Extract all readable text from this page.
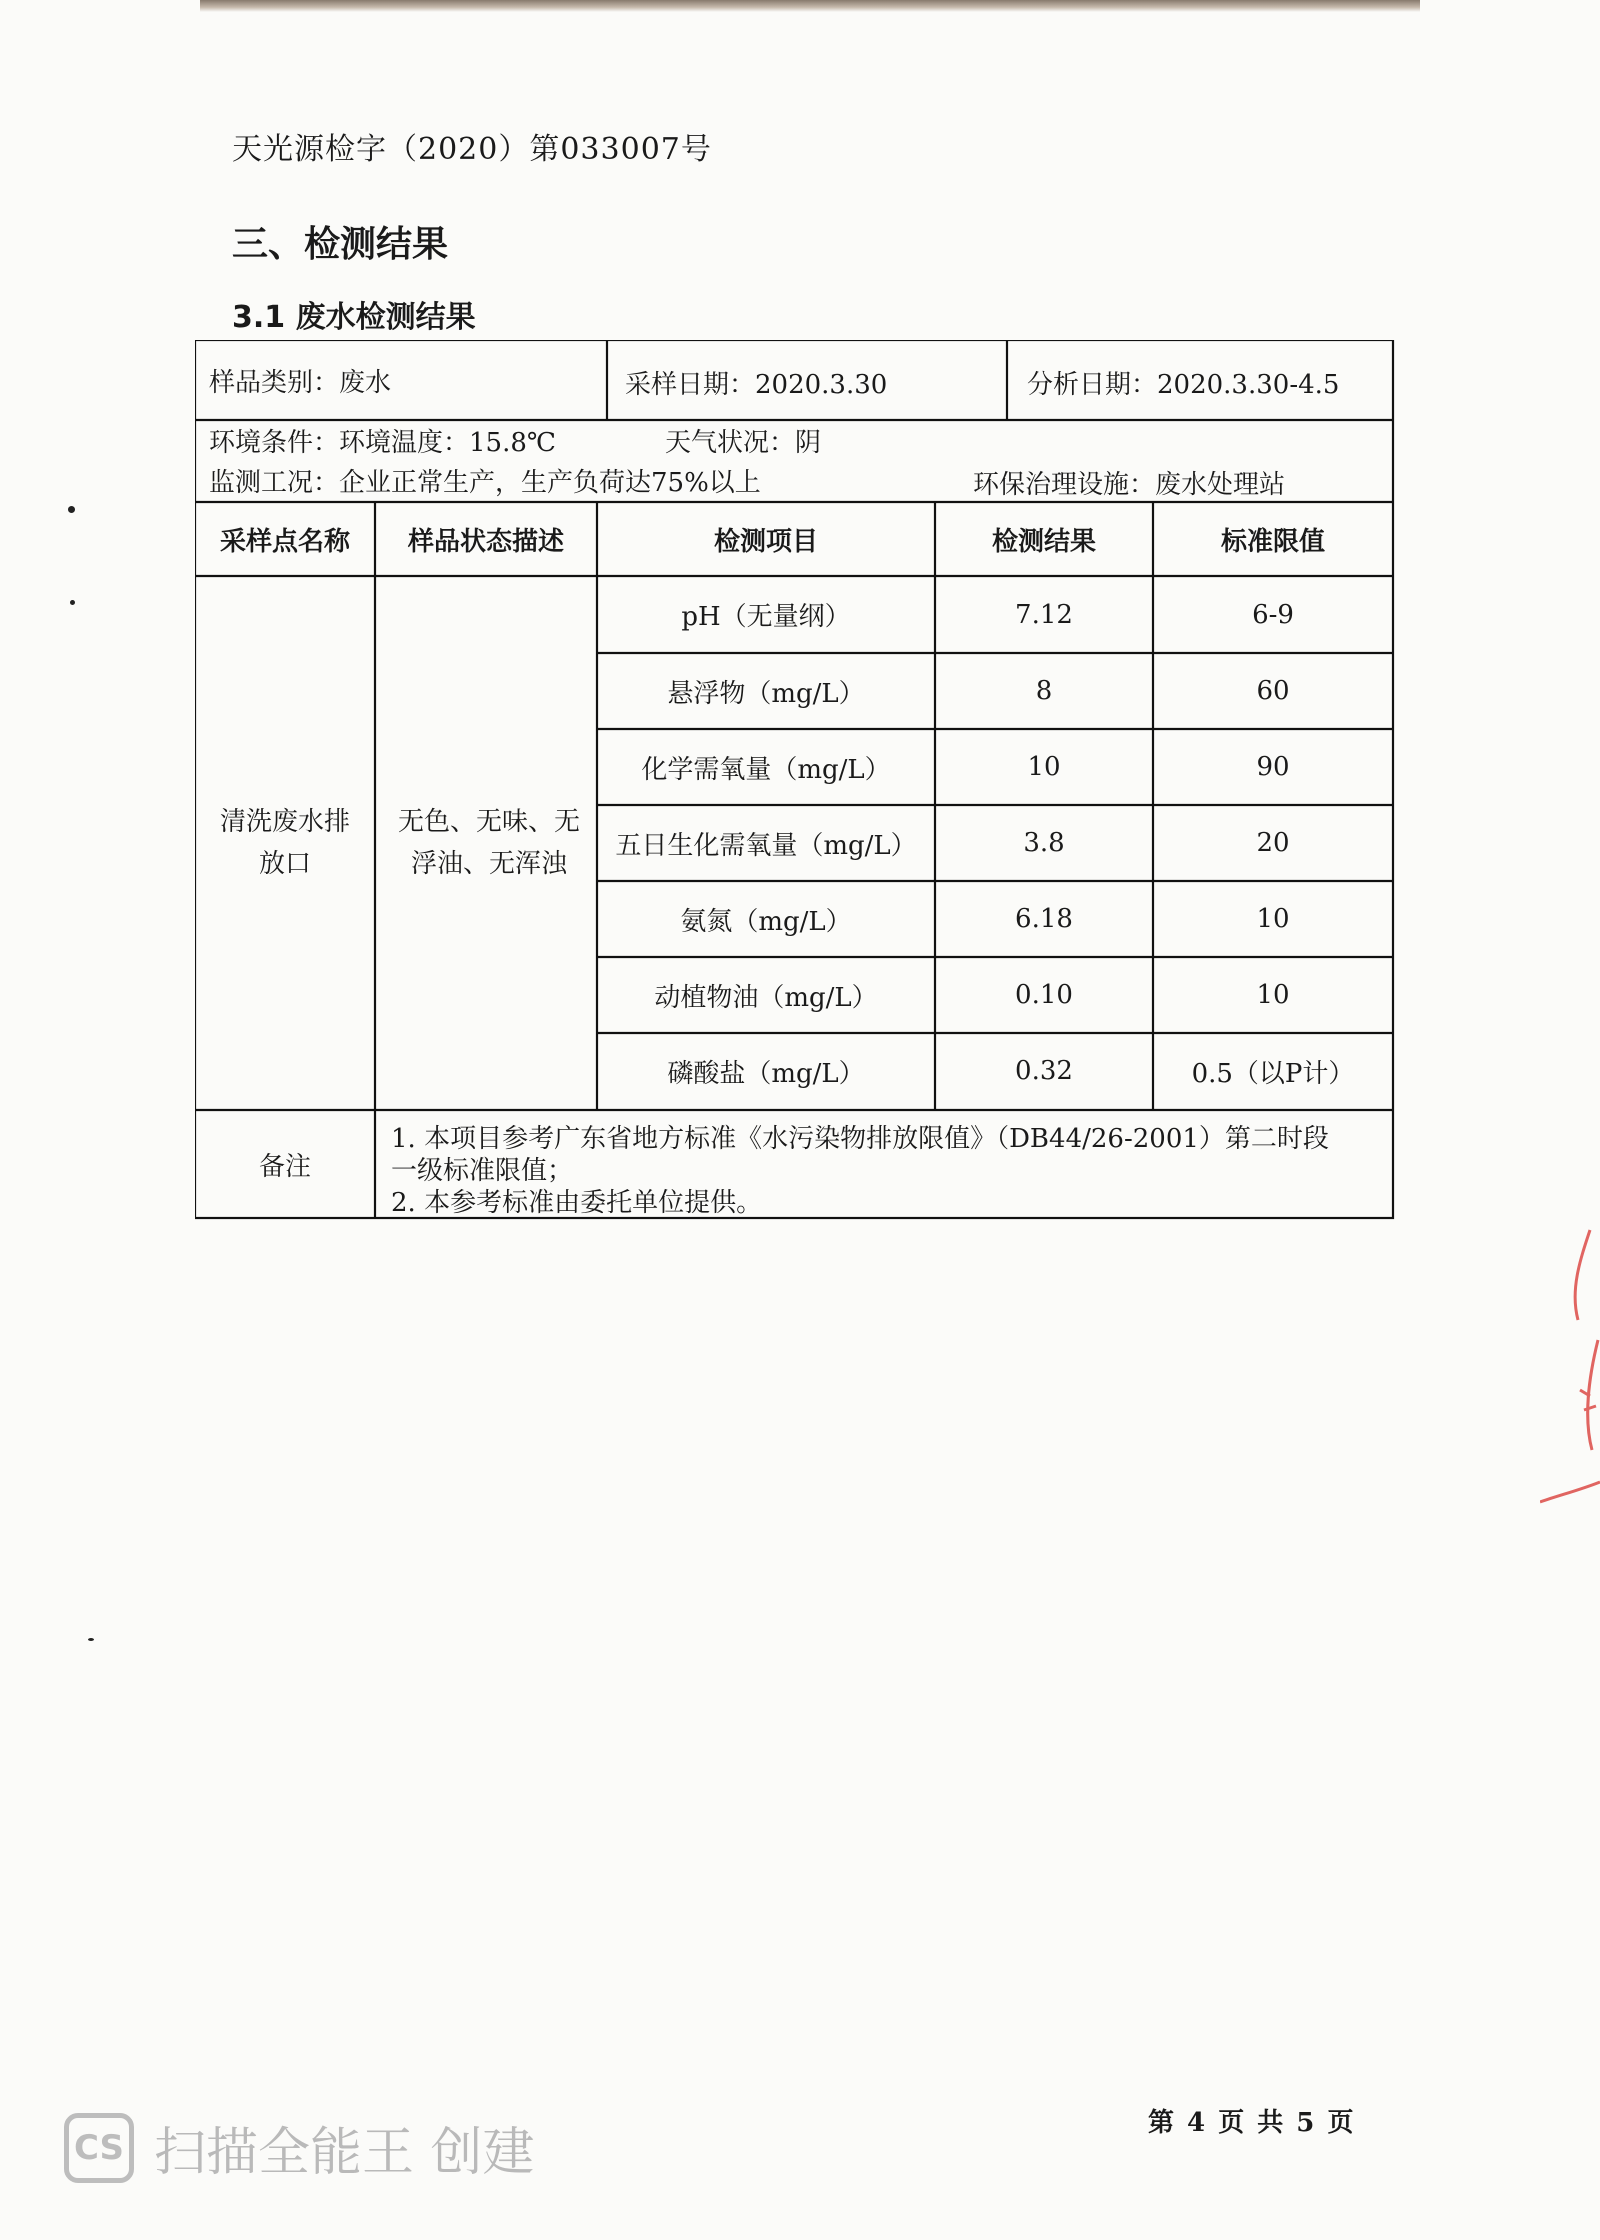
天光源检字（2020）第033007号
三、检测结果
3.1 废水检测结果
样品类别：废水	采样日期：2020.3.30	分析日期：2020.3.30-4.5
环境条件：环境温度：15.8℃	天气状况：阴
监测工况：企业正常生产，生产负荷达75%以上	环保治理设施：废水处理站
采样点名称	样品状态描述	检测项目	检测结果	标准限值
清洗废水排放口
无色、无味、无浮油、无浑浊
pH（无量纲）	7.12	6-9
悬浮物（mg/L）	8	60
化学需氧量（mg/L）	10	90
五日生化需氧量（mg/L）	3.8	20
氨氮（mg/L）	6.18	10
动植物油（mg/L）	0.10	10
磷酸盐（mg/L）	0.32	0.5（以P计）
备注
1. 本项目参考广东省地方标准《水污染物排放限值》（DB44/26-2001）第二时段
一级标准限值；
2. 本参考标准由委托单位提供。
第 4 页 共 5 页
CS 扫描全能王 创建
